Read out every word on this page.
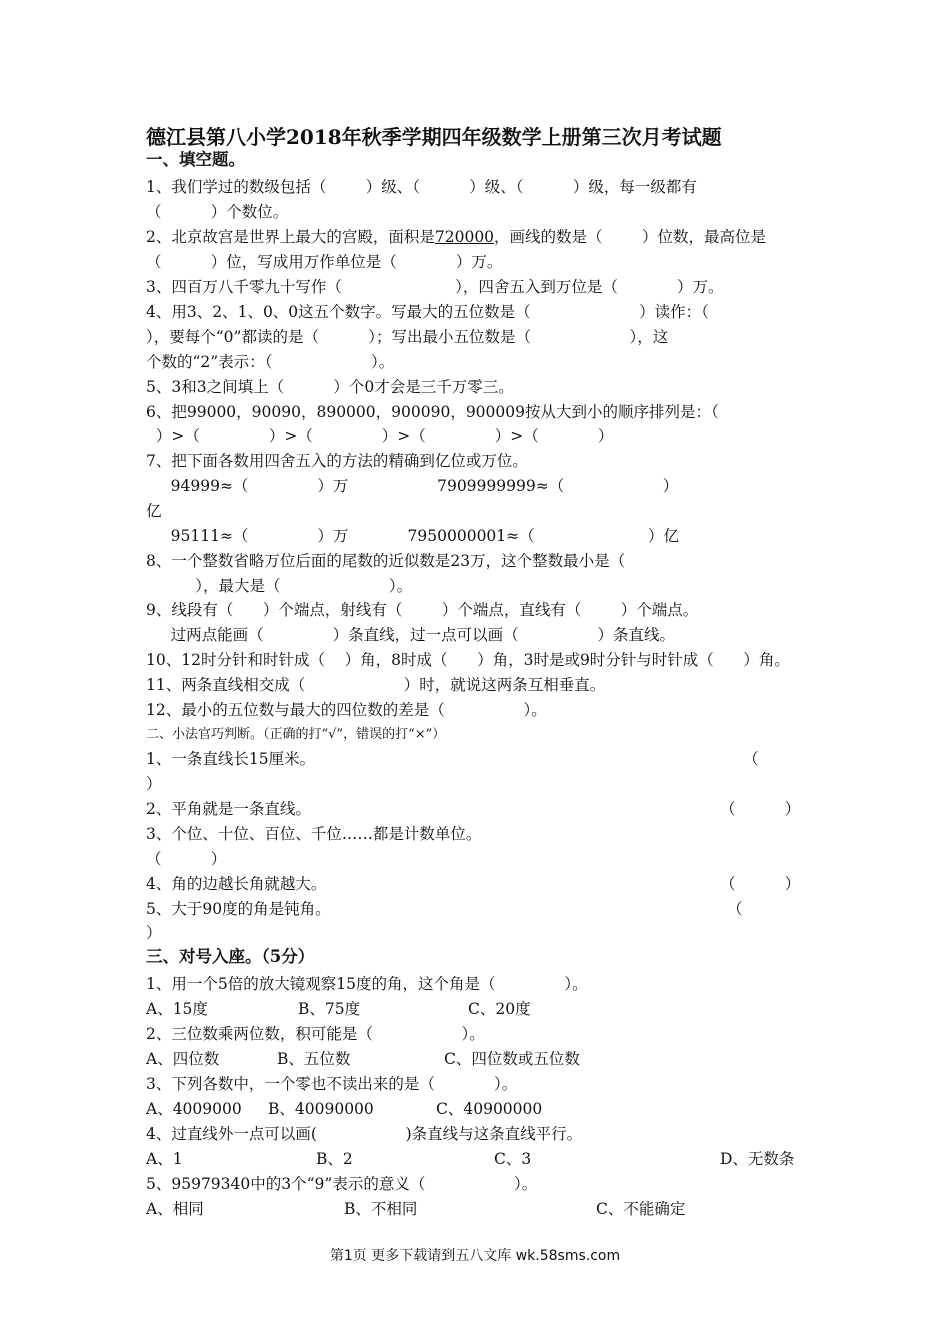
德江县第八小学2018年秋季学期四年级数学上册第三次月考试题
一、填空题。
1、我们学过的数级包括（        ）级、（          ）级、（          ）级，每一级都有
（          ）个数位。
2、北京故宫是世界上最大的宫殿，面积是720000，画线的数是（        ）位数，最高位是
（          ）位，写成用万作单位是（            ）万。
3、四百万八千零九十写作（                       ），四舍五入到万位是（            ）万。
4、用3、2、1、0、0这五个数字。写最大的五位数是（                      ）读作：（
），要每个“0”都读的是（          ）；写出最小五位数是（                    ），这
个数的“2”表示：（                    ）。
5、3和3之间填上（          ）个0才会是三千万零三。
6、把99000，90090，890000，900090，900009按从大到小的顺序排列是：（
）>（              ）>（              ）>（              ）>（            ）
7、把下面各数用四舍五入的方法的精确到亿位或万位。
94999≈（              ）万                  7909999999≈（                    ）
亿
95111≈（              ）万            7950000001≈（                       ）亿
8、一个整数省略万位后面的尾数的近似数是23万，这个整数最小是（
），最大是（                      ）。
9、线段有（      ）个端点，射线有（        ）个端点，直线有（        ）个端点。
过两点能画（              ）条直线，过一点可以画（                ）条直线。
10、12时分针和时针成（    ）角，8时成（      ）角，3时是或9时分针与时针成（      ）角。
11、两条直线相交成（                    ）时，就说这两条互相垂直。
12、最小的五位数与最大的四位数的差是（                ）。
二、小法官巧判断。（正确的打“√”，错误的打“×”）
1、一条直线长15厘米。	（
）
2、平角就是一条直线。	（          ）
3、个位、十位、百位、千位……都是计数单位。
（          ）
4、角的边越长角就越大。	（          ）
5、大于90度的角是钝角。	（
）
三、对号入座。（5分）
1、用一个5倍的放大镜观察15度的角，这个角是（              ）。
A、15度	B、75度	C、20度
2、三位数乘两位数，积可能是（                  ）。
A、四位数	B、五位数	C、四位数或五位数
3、下列各数中，一个零也不读出来的是（            ）。
A、4009000 B、40090000	C、40900000
4、过直线外一点可以画(                  )条直线与这条直线平行。
A、1	B、2	C、3	D、无数条
5、95979340中的3个“9”表示的意义（                  ）。
A、相同	B、不相同	C、不能确定
第1页 更多下载请到五八文库 wk.58sms.com
